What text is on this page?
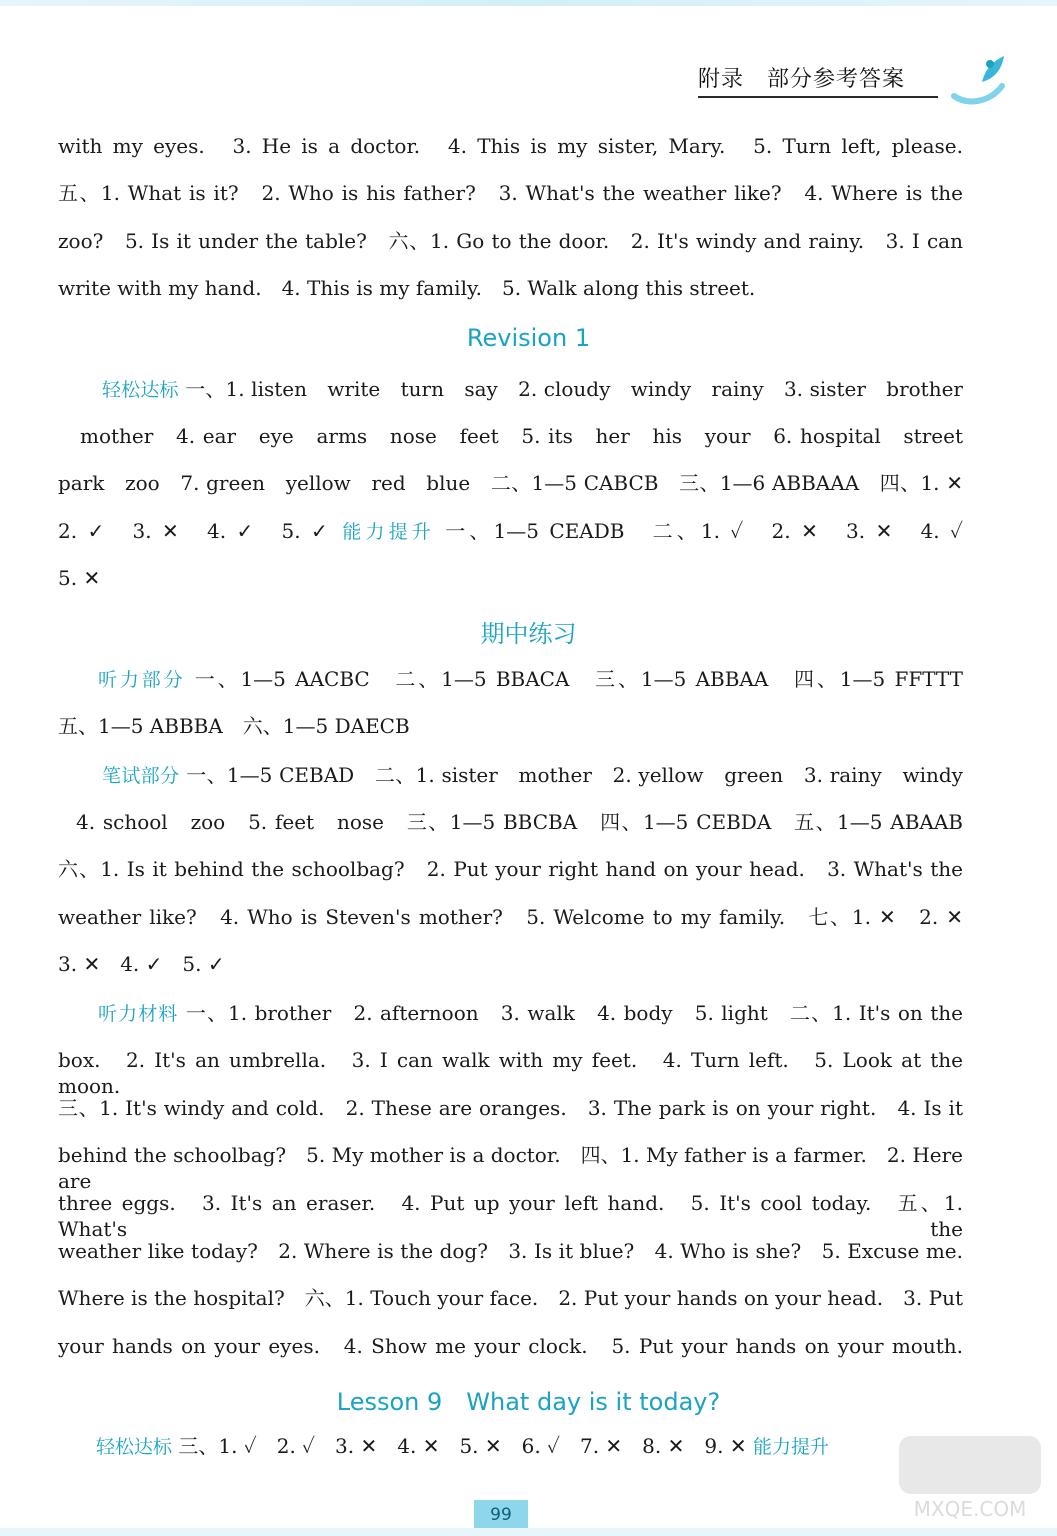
附录　部分参考答案
with my eyes.　3. He is a doctor.　4. This is my sister, Mary.　5. Turn left, please.
五、1. What is it?　2. Who is his father?　3. What's the weather like?　4. Where is the
zoo?　5. Is it under the table?　六、1. Go to the door.　2. It's windy and rainy.　3. I can
write with my hand.　4. This is my family.　5. Walk along this street.
Revision 1
轻松达标 一、1. listen　write　turn　say　2. cloudy　windy　rainy　3. sister　brother
mother　4. ear　eye　arms　nose　feet　5. its　her　his　your　6. hospital　street
park　zoo　7. green　yellow　red　blue　二、1—5 CABCB　三、1—6 ABBAAA　四、1. ✕
2. ✓　3. ✕　4. ✓　5. ✓ 能力提升 一、1—5 CEADB　二、1. ✓　2. ✕　3. ✕　4. ✓
5. ✕
期中练习
听力部分 一、1—5 AACBC　二、1—5 BBACA　三、1—5 ABBAA　四、1—5 FFTTT
五、1—5 ABBBA　六、1—5 DAECB
笔试部分 一、1—5 CEBAD　二、1. sister　mother　2. yellow　green　3. rainy　windy
4. school　zoo　5. feet　nose　三、1—5 BBCBA　四、1—5 CEBDA　五、1—5 ABAAB
六、1. Is it behind the schoolbag?　2. Put your right hand on your head.　3. What's the
weather like?　4. Who is Steven's mother?　5. Welcome to my family.　七、1. ✕　2. ✕
3. ✕　4. ✓　5. ✓
听力材料 一、1. brother　2. afternoon　3. walk　4. body　5. light　二、1. It's on the
box.　2. It's an umbrella.　3. I can walk with my feet.　4. Turn left.　5. Look at the moon.
三、1. It's windy and cold.　2. These are oranges.　3. The park is on your right.　4. Is it
behind the schoolbag?　5. My mother is a doctor.　四、1. My father is a farmer.　2. Here are
three eggs.　3. It's an eraser.　4. Put up your left hand.　5. It's cool today.　五、1. What's the
weather like today?　2. Where is the dog?　3. Is it blue?　4. Who is she?　5. Excuse me.
Where is the hospital?　六、1. Touch your face.　2. Put your hands on your head.　3. Put
your hands on your eyes.　4. Show me your clock.　5. Put your hands on your mouth.
Lesson 9　What day is it today?
轻松达标 三、1. ✓　2. ✓　3. ✕　4. ✕　5. ✕　6. ✓　7. ✕　8. ✕　9. ✕ 能力提升
MXQE.COM
99
